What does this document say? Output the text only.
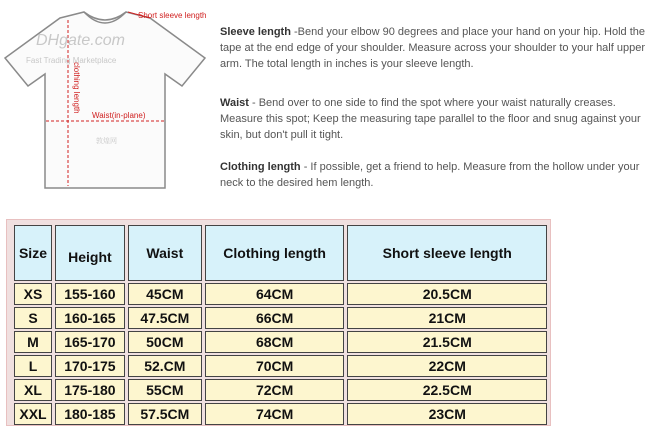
Short sleeve length
clothing length
Waist(in-plane)
DHgate.com
Fast Trading Marketplace
敦煌网
Sleeve length -Bend your elbow 90 degrees and place your hand on your hip. Hold the tape at the end edge of your shoulder. Measure across your shoulder to your half upper arm. The total length in inches is your sleeve length.
Waist - Bend over to one side to find the spot where your waist naturally creases. Measure this spot; Keep the measuring tape parallel to the floor and snug against your skin, but don't pull it tight.
Clothing length - If possible, get a friend to help. Measure from the hollow under your neck to the desired hem length.
Size	Height	Waist	Clothing length	Short sleeve length
XS	155-160	45CM	64CM	20.5CM
S	160-165	47.5CM	66CM	21CM
M	165-170	50CM	68CM	21.5CM
L	170-175	52.CM	70CM	22CM
XL	175-180	55CM	72CM	22.5CM
XXL	180-185	57.5CM	74CM	23CM
